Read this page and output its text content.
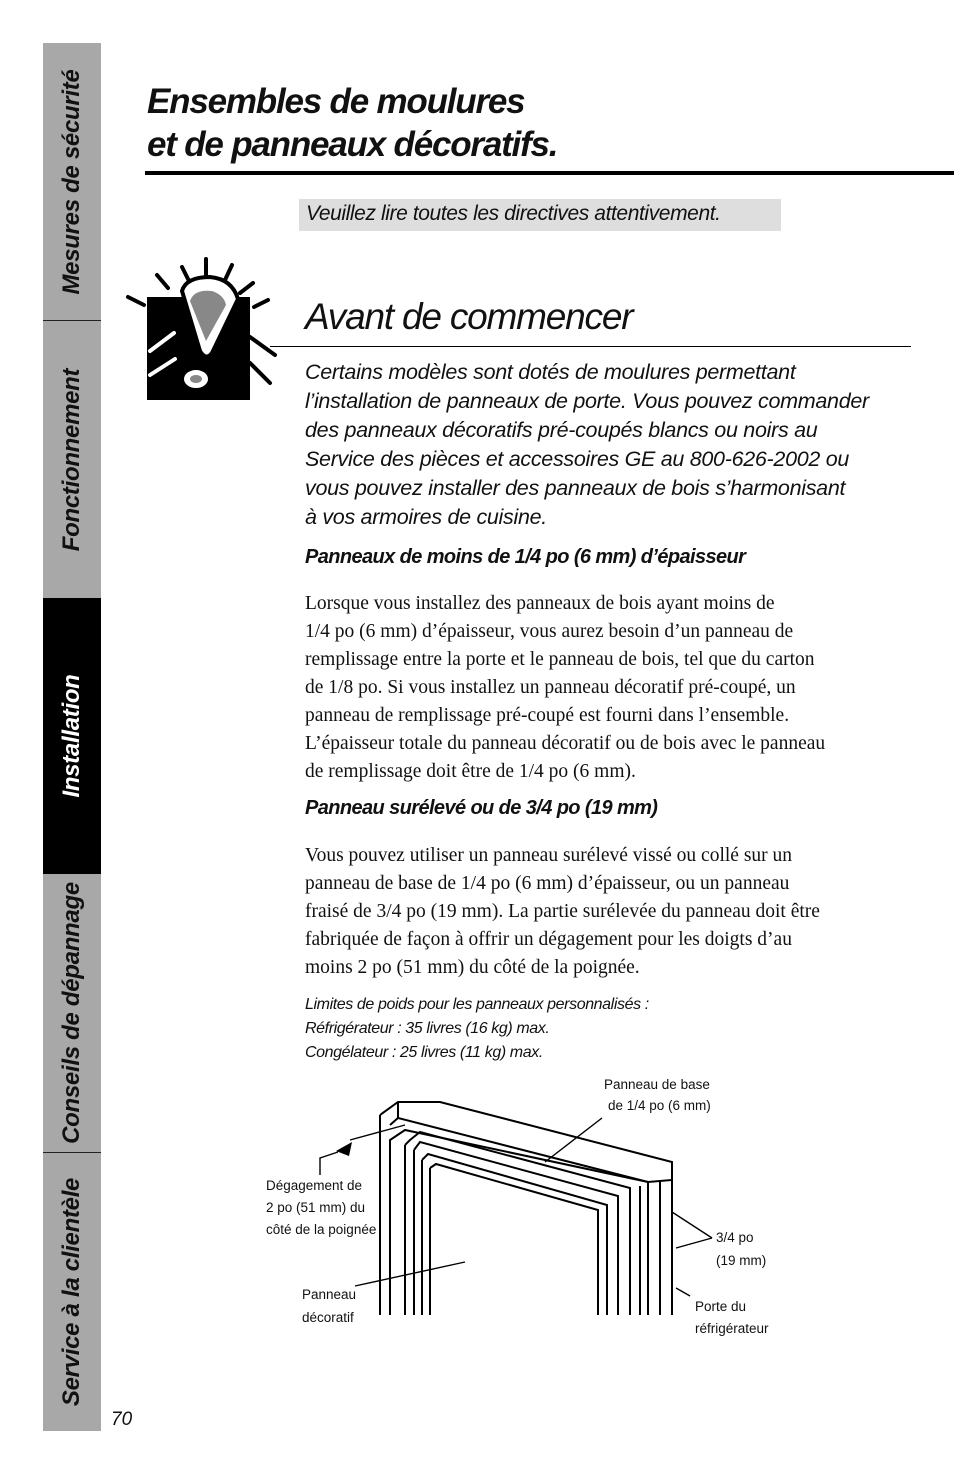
Mesures de sécurité
Fonctionnement
Installation
Conseils de dépannage
Service à la clientèle
Ensembles de moulures
et de panneaux décoratifs.
Veuillez lire toutes les directives attentivement.
Avant de commencer

Certains modèles sont dotés de moulures permettant
l’installation de panneaux de porte. Vous pouvez commander
des panneaux décoratifs pré-coupés blancs ou noirs au
Service des pièces et accessoires GE au 800-626-2002 ou
vous pouvez installer des panneaux de bois s’harmonisant
à vos armoires de cuisine.

Panneaux de moins de 1/4 po (6 mm) d’épaisseur

Lorsque vous installez des panneaux de bois ayant moins de
1/4 po (6 mm) d’épaisseur, vous aurez besoin d’un panneau de
remplissage entre la porte et le panneau de bois, tel que du carton
de 1/8 po. Si vous installez un panneau décoratif pré-coupé, un
panneau de remplissage pré-coupé est fourni dans l’ensemble.
L’épaisseur totale du panneau décoratif ou de bois avec le panneau
de remplissage doit être de 1/4 po (6 mm).

Panneau surélevé ou de 3/4 po (19 mm)

Vous pouvez utiliser un panneau surélevé vissé ou collé sur un
panneau de base de 1/4 po (6 mm) d’épaisseur, ou un panneau
fraisé de 3/4 po (19 mm). La partie surélevée du panneau doit être
fabriquée de façon à offrir un dégagement pour les doigts d’au
moins 2 po (51 mm) du côté de la poignée.

Limites de poids pour les panneaux personnalisés :
Réfrigérateur : 35 livres (16 kg) max.
Congélateur : 25 livres (11 kg) max.

Panneau de base
de 1/4 po (6 mm)
Dégagement de
2 po (51 mm) du
côté de la poignée
3/4 po
(19 mm)
Panneau
décoratif
Porte du
réfrigérateur
70
